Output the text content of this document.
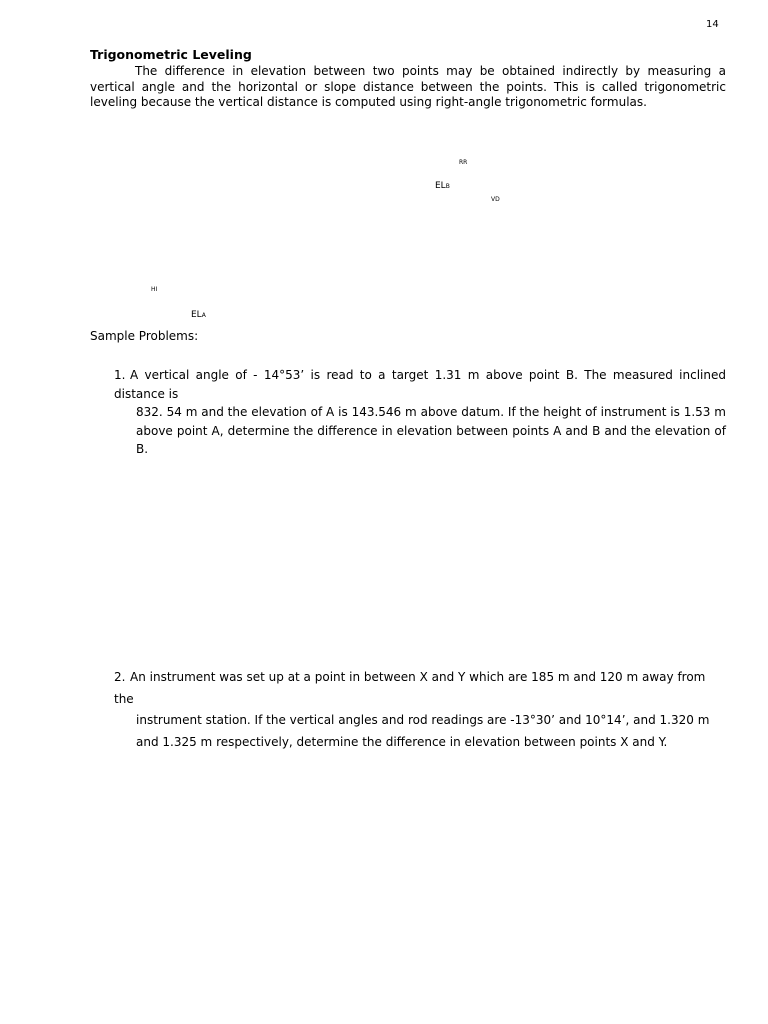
14
Trigonometric Leveling

The difference in elevation between two points may be obtained indirectly by measuring a vertical angle and the horizontal or slope distance between the points. This is called trigonometric leveling because the vertical distance is computed using right-angle trigonometric formulas.

RR
ELB
VD
HI
ELA
Sample Problems:

1. A vertical angle of - 14°53’ is read to a target 1.31 m above point B. The measured inclined distance is
832. 54 m and the elevation of A is 143.546 m above datum. If the height of instrument is 1.53 m above point A, determine the difference in elevation between points A and B and the elevation of B.

2. An instrument was set up at a point in between X and Y which are 185 m and 120 m away from the
instrument station. If the vertical angles and rod readings are -13°30’ and 10°14’, and 1.320 m and 1.325 m respectively, determine the difference in elevation between points X and Y.
